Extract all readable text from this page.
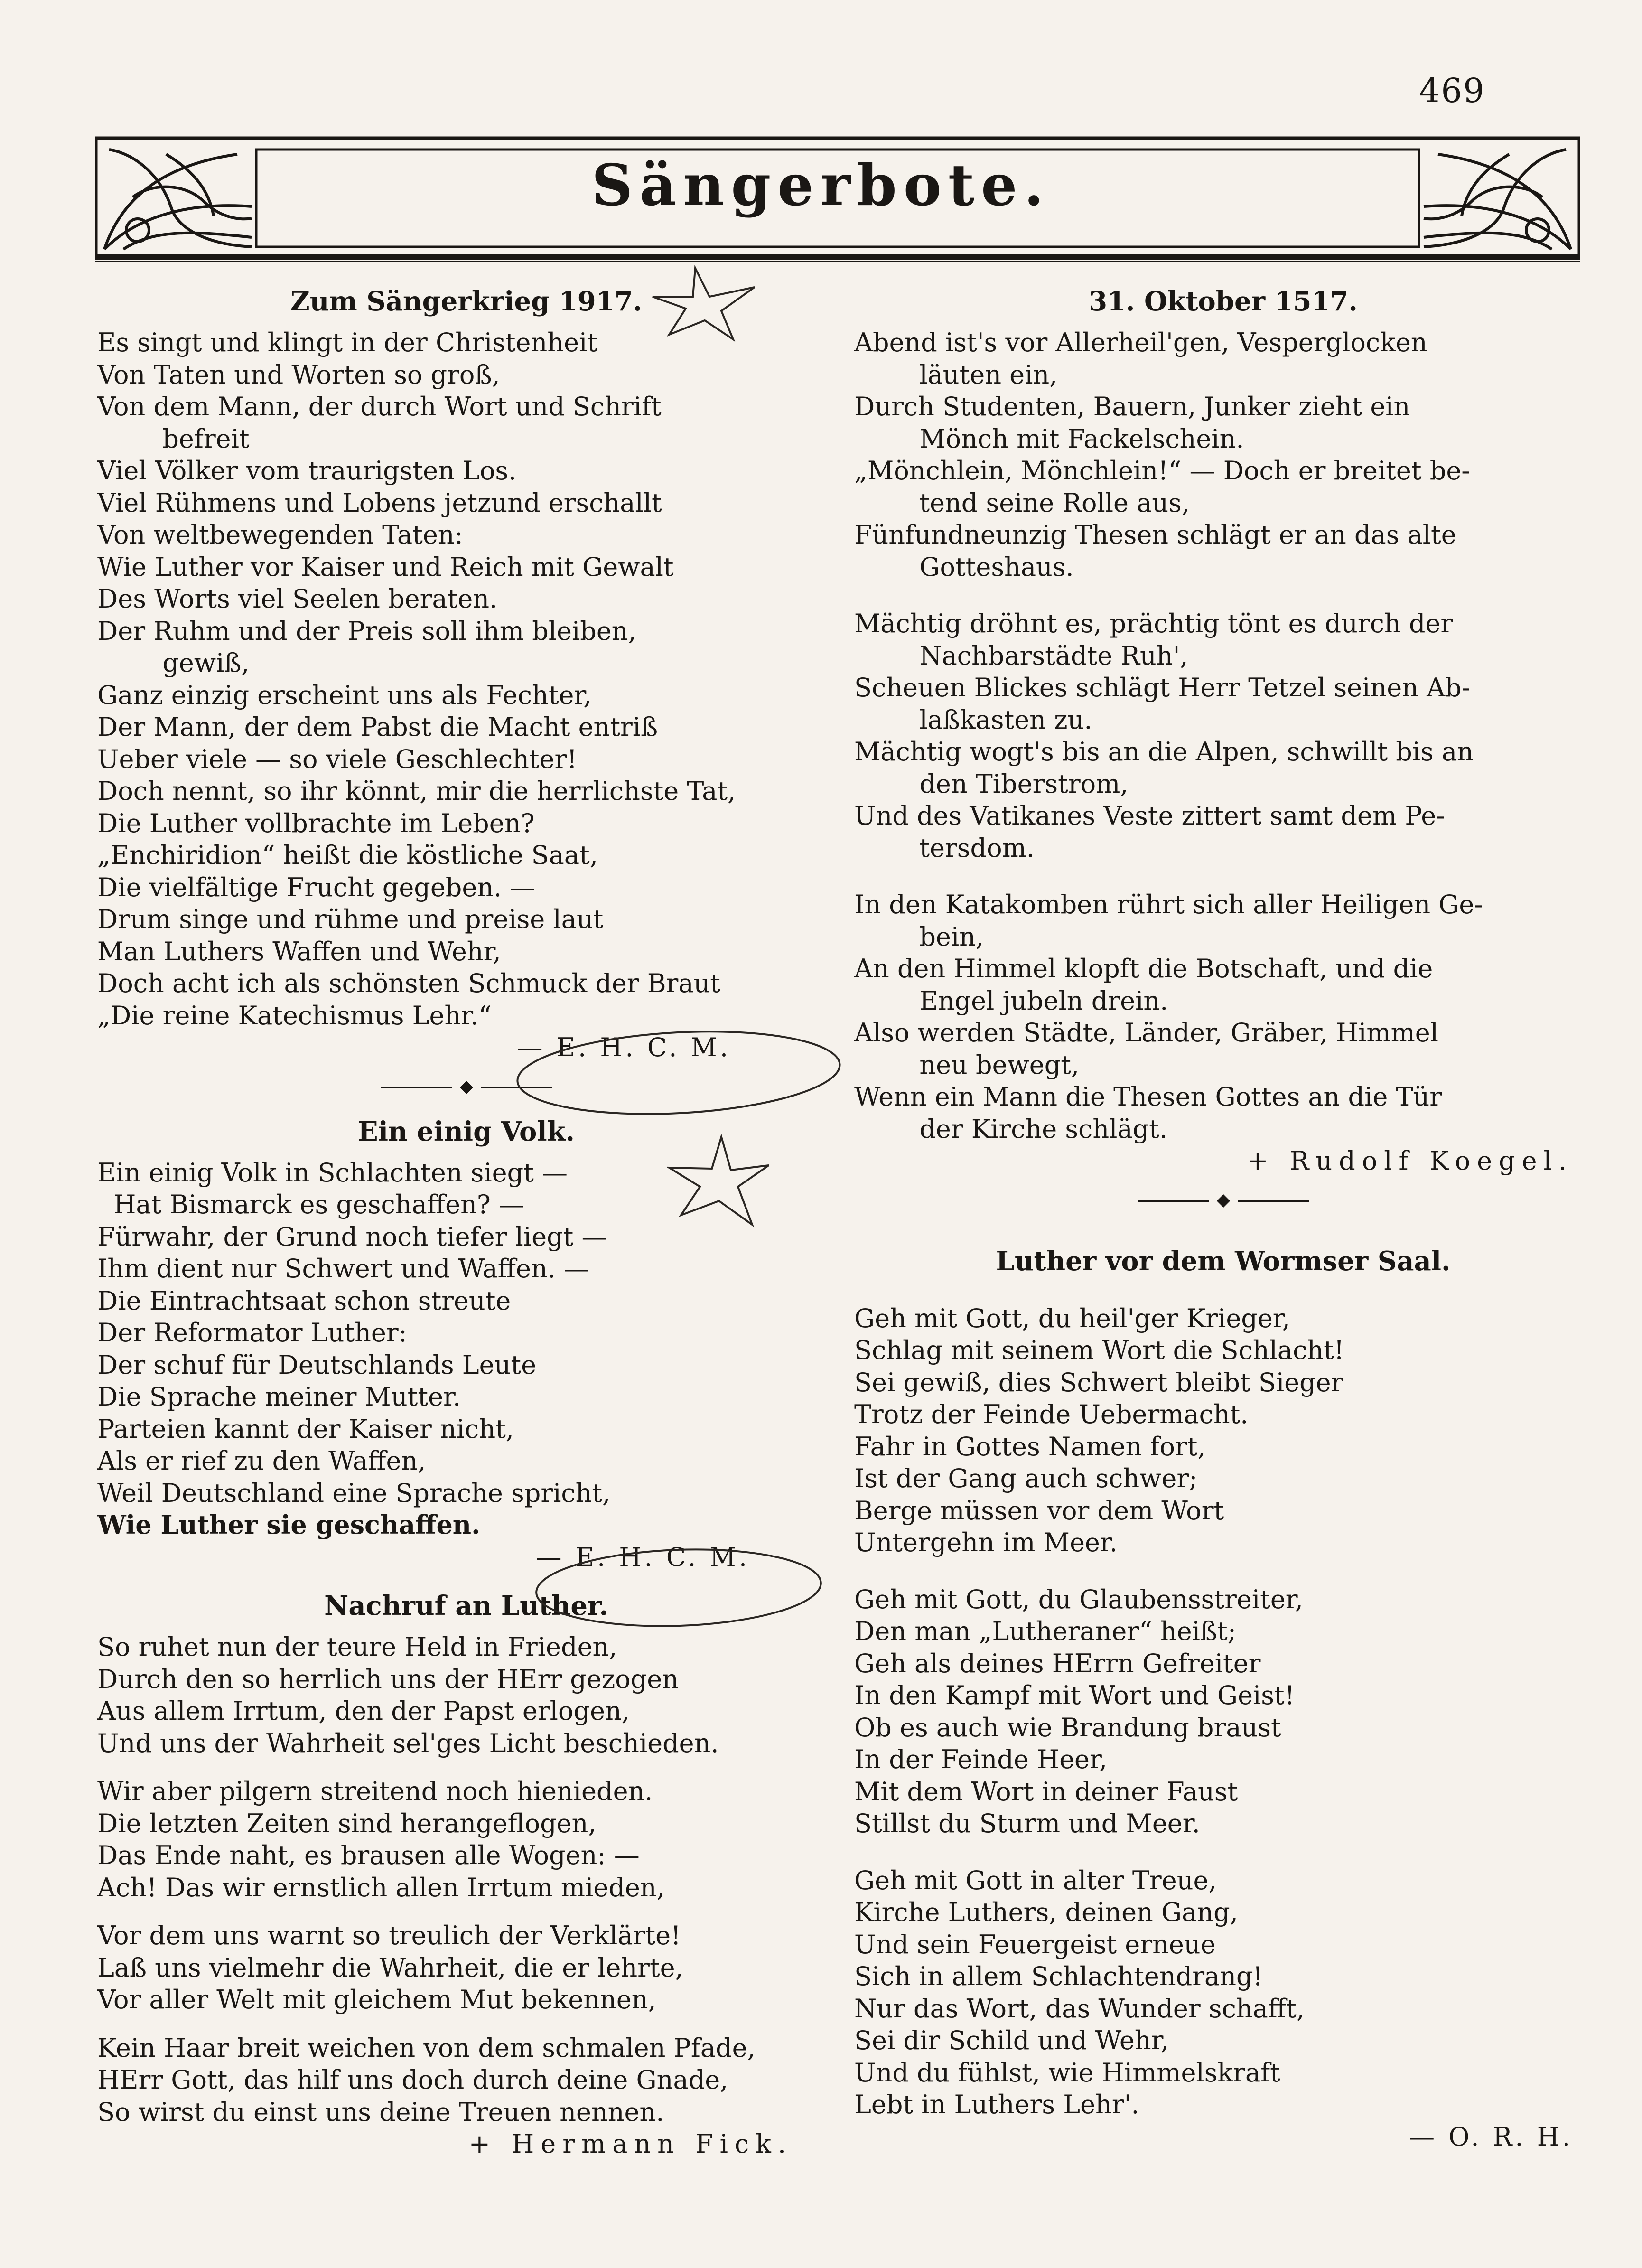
469
Sängerbote.
Zum Sängerkrieg 1917.
Es singt und klingt in der Christenheit
Von Taten und Worten so groß,
Von dem Mann, der durch Wort und Schrift
befreit
Viel Völker vom traurigsten Los.
Viel Rühmens und Lobens jetzund erschallt
Von weltbewegenden Taten:
Wie Luther vor Kaiser und Reich mit Gewalt
Des Worts viel Seelen beraten.
Der Ruhm und der Preis soll ihm bleiben,
gewiß,
Ganz einzig erscheint uns als Fechter,
Der Mann, der dem Pabst die Macht entriß
Ueber viele — so viele Geschlechter!
Doch nennt, so ihr könnt, mir die herrlichste Tat,
Die Luther vollbrachte im Leben?
„Enchiridion“ heißt die köstliche Saat,
Die vielfältige Frucht gegeben. —
Drum singe und rühme und preise laut
Man Luthers Waffen und Wehr,
Doch acht ich als schönsten Schmuck der Braut
„Die reine Katechismus Lehr.“
— E. H. C. M.
Ein einig Volk.
Ein einig Volk in Schlachten siegt —
Hat Bismarck es geschaffen? —
Fürwahr, der Grund noch tiefer liegt —
Ihm dient nur Schwert und Waffen. —
Die Eintrachtsaat schon streute
Der Reformator Luther:
Der schuf für Deutschlands Leute
Die Sprache meiner Mutter.
Parteien kannt der Kaiser nicht,
Als er rief zu den Waffen,
Weil Deutschland eine Sprache spricht,
Wie Luther sie geschaffen.
— E. H. C. M.
Nachruf an Luther.
So ruhet nun der teure Held in Frieden,
Durch den so herrlich uns der HErr gezogen
Aus allem Irrtum, den der Papst erlogen,
Und uns der Wahrheit sel'ges Licht beschieden.
Wir aber pilgern streitend noch hienieden.
Die letzten Zeiten sind herangeflogen,
Das Ende naht, es brausen alle Wogen: —
Ach! Das wir ernstlich allen Irrtum mieden,
Vor dem uns warnt so treulich der Verklärte!
Laß uns vielmehr die Wahrheit, die er lehrte,
Vor aller Welt mit gleichem Mut bekennen,
Kein Haar breit weichen von dem schmalen Pfade,
HErr Gott, das hilf uns doch durch deine Gnade,
So wirst du einst uns deine Treuen nennen.
+ Hermann Fick.
31. Oktober 1517.
Abend ist's vor Allerheil'gen, Vesperglocken
läuten ein,
Durch Studenten, Bauern, Junker zieht ein
Mönch mit Fackelschein.
„Mönchlein, Mönchlein!“ — Doch er breitet be-
tend seine Rolle aus,
Fünfundneunzig Thesen schlägt er an das alte
Gotteshaus.
Mächtig dröhnt es, prächtig tönt es durch der
Nachbarstädte Ruh',
Scheuen Blickes schlägt Herr Tetzel seinen Ab-
laßkasten zu.
Mächtig wogt's bis an die Alpen, schwillt bis an
den Tiberstrom,
Und des Vatikanes Veste zittert samt dem Pe-
tersdom.
In den Katakomben rührt sich aller Heiligen Ge-
bein,
An den Himmel klopft die Botschaft, und die
Engel jubeln drein.
Also werden Städte, Länder, Gräber, Himmel
neu bewegt,
Wenn ein Mann die Thesen Gottes an die Tür
der Kirche schlägt.
+ Rudolf Koegel.
Luther vor dem Wormser Saal.
Geh mit Gott, du heil'ger Krieger,
Schlag mit seinem Wort die Schlacht!
Sei gewiß, dies Schwert bleibt Sieger
Trotz der Feinde Uebermacht.
Fahr in Gottes Namen fort,
Ist der Gang auch schwer;
Berge müssen vor dem Wort
Untergehn im Meer.
Geh mit Gott, du Glaubensstreiter,
Den man „Lutheraner“ heißt;
Geh als deines HErrn Gefreiter
In den Kampf mit Wort und Geist!
Ob es auch wie Brandung braust
In der Feinde Heer,
Mit dem Wort in deiner Faust
Stillst du Sturm und Meer.
Geh mit Gott in alter Treue,
Kirche Luthers, deinen Gang,
Und sein Feuergeist erneue
Sich in allem Schlachtendrang!
Nur das Wort, das Wunder schafft,
Sei dir Schild und Wehr,
Und du fühlst, wie Himmelskraft
Lebt in Luthers Lehr'.
— O. R. H.
